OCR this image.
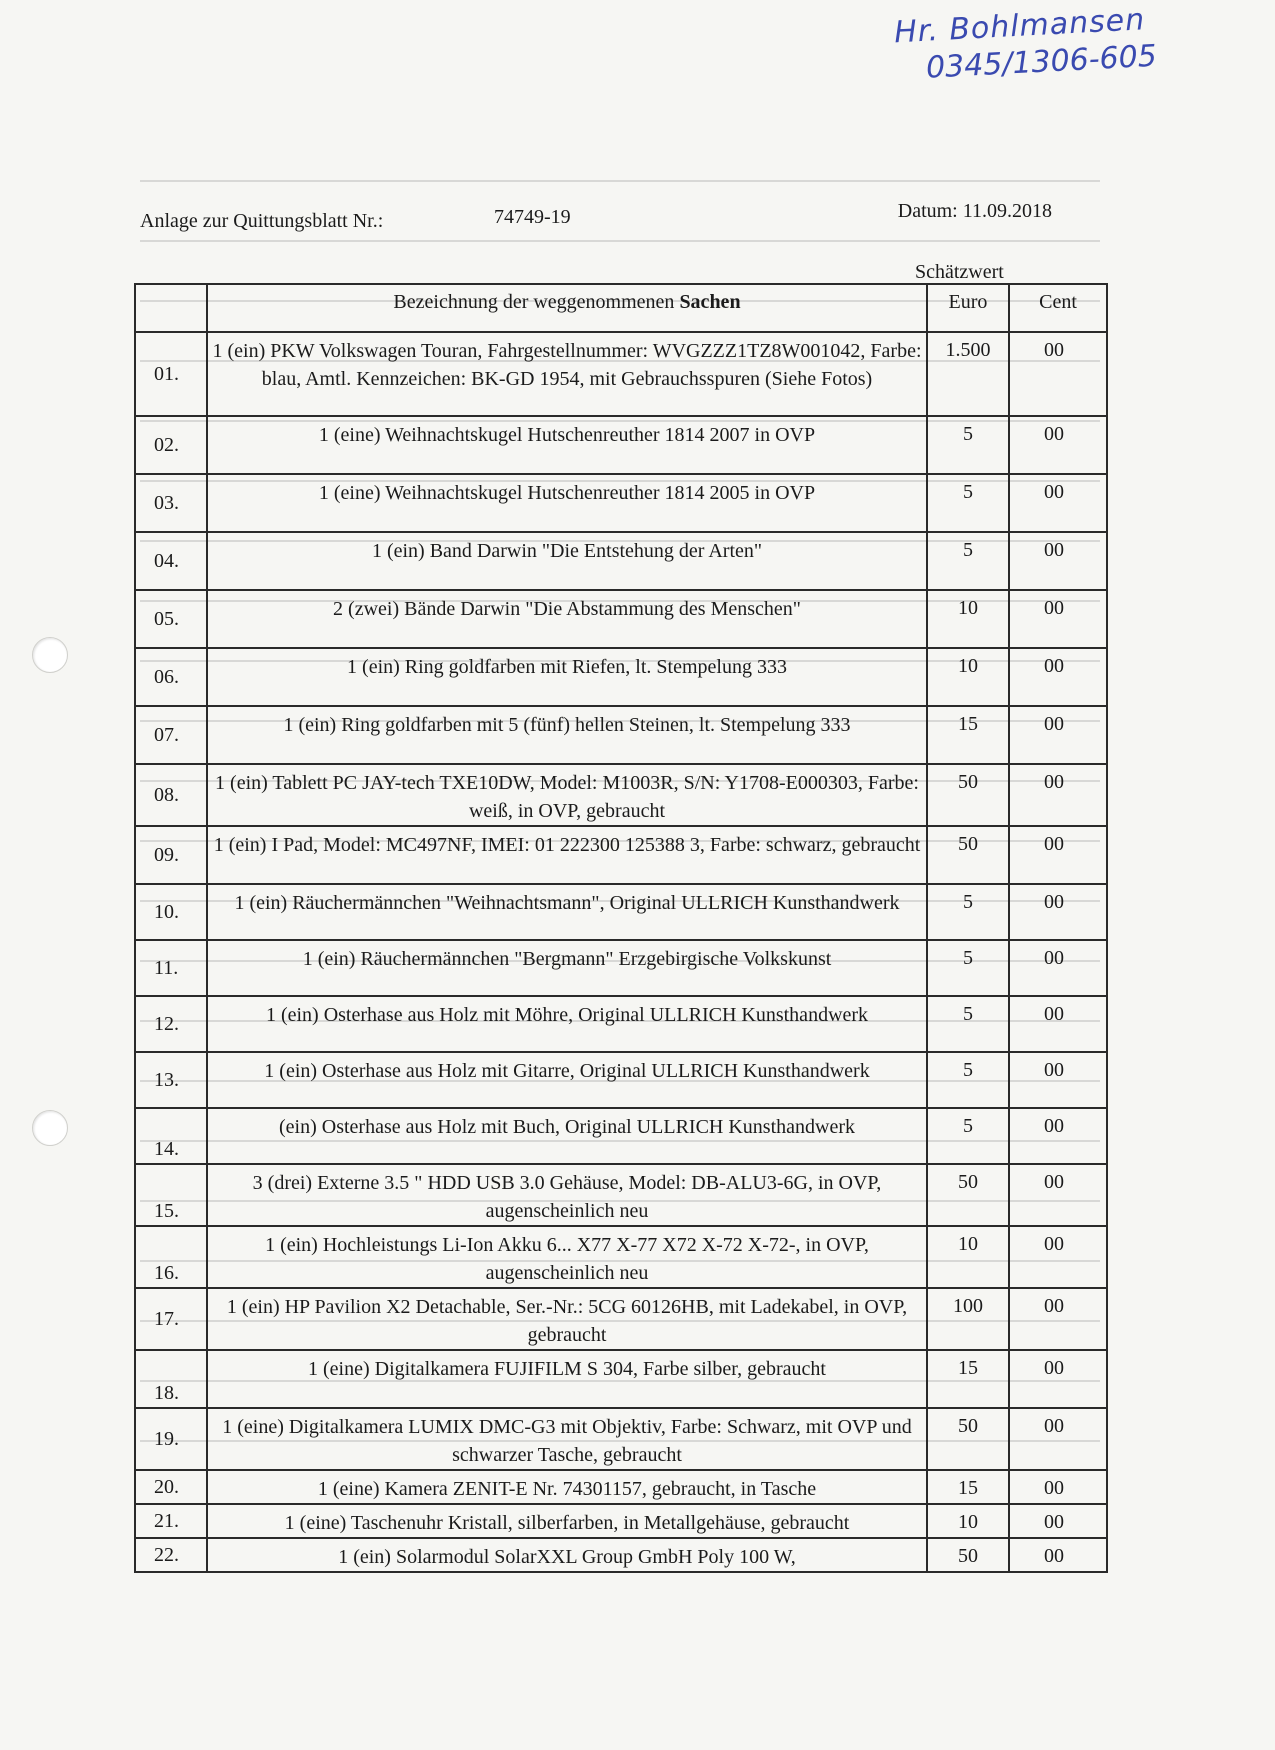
Hr. Bohlmansen
0345/1306-605
Anlage zur Quittungsblatt Nr.:	74749-19	Datum: 11.09.2018
Schätzwert
	Bezeichnung der weggenommenen Sachen	Euro	Cent
01.	1 (ein) PKW Volkswagen Touran, Fahrgestellnummer: WVGZZZ1TZ8W001042, Farbe: blau, Amtl. Kennzeichen: BK-GD 1954, mit Gebrauchsspuren (Siehe Fotos)	1.500	00
02.	1 (eine) Weihnachtskugel Hutschenreuther 1814 2007 in OVP	5	00
03.	1 (eine) Weihnachtskugel Hutschenreuther 1814 2005 in OVP	5	00
04.	1 (ein) Band Darwin "Die Entstehung der Arten"	5	00
05.	2 (zwei) Bände Darwin "Die Abstammung des Menschen"	10	00
06.	1 (ein) Ring goldfarben mit Riefen, lt. Stempelung 333	10	00
07.	1 (ein) Ring goldfarben mit 5 (fünf) hellen Steinen, lt. Stempelung 333	15	00
08.	1 (ein) Tablett PC JAY-tech TXE10DW, Model: M1003R, S/N: Y1708-E000303, Farbe: weiß, in OVP, gebraucht	50	00
09.	1 (ein) I Pad, Model: MC497NF, IMEI: 01 222300 125388 3, Farbe: schwarz, gebraucht	50	00
10.	1 (ein) Räuchermännchen "Weihnachtsmann", Original ULLRICH Kunsthandwerk	5	00
11.	1 (ein) Räuchermännchen "Bergmann" Erzgebirgische Volkskunst	5	00
12.	1 (ein) Osterhase aus Holz mit Möhre, Original ULLRICH Kunsthandwerk	5	00
13.	1 (ein) Osterhase aus Holz mit Gitarre, Original ULLRICH Kunsthandwerk	5	00
14.	(ein) Osterhase aus Holz mit Buch, Original ULLRICH Kunsthandwerk	5	00
15.	3 (drei) Externe 3.5 " HDD USB 3.0 Gehäuse, Model: DB-ALU3-6G, in OVP, augenscheinlich neu	50	00
16.	1 (ein) Hochleistungs Li-Ion Akku 6... X77 X-77 X72 X-72 X-72-, in OVP, augenscheinlich neu	10	00
17.	1 (ein) HP Pavilion X2 Detachable, Ser.-Nr.: 5CG 60126HB, mit Ladekabel, in OVP, gebraucht	100	00
18.	1 (eine) Digitalkamera FUJIFILM S 304, Farbe silber, gebraucht	15	00
19.	1 (eine) Digitalkamera LUMIX DMC-G3 mit Objektiv, Farbe: Schwarz, mit OVP und schwarzer Tasche, gebraucht	50	00
20.	1 (eine) Kamera ZENIT-E Nr. 74301157, gebraucht, in Tasche	15	00
21.	1 (eine) Taschenuhr Kristall, silberfarben, in Metallgehäuse, gebraucht	10	00
22.	1 (ein) Solarmodul SolarXXL Group GmbH Poly 100 W,	50	00
